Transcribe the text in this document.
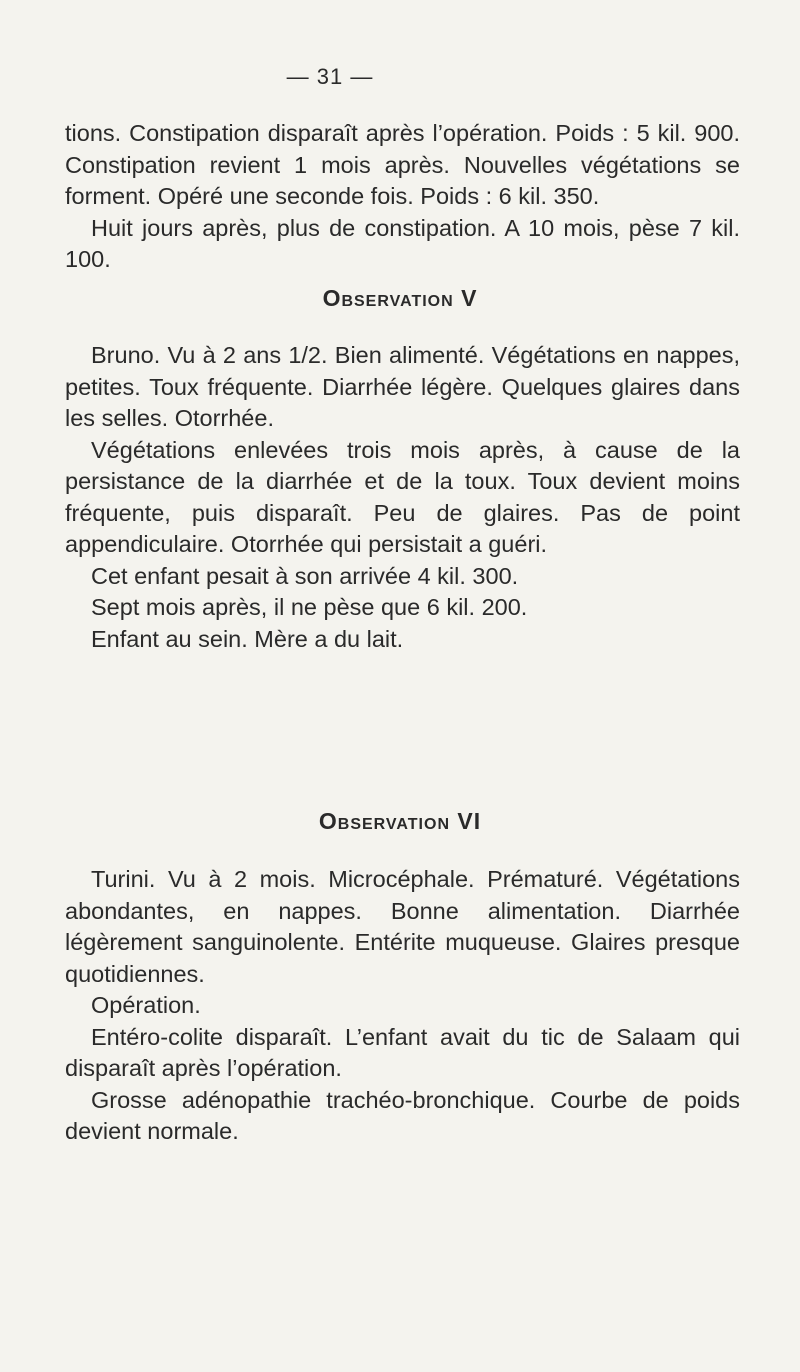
— 31 —

tions. Constipation disparaît après l’opération. Poids : 5 kil. 900. Constipation revient 1 mois après. Nouvelles végétations se forment. Opéré une seconde fois. Poids : 6 kil. 350.

Huit jours après, plus de constipation. A 10 mois, pèse 7 kil. 100.

Observation V

Bruno. Vu à 2 ans 1/2. Bien alimenté. Végétations en nappes, petites. Toux fréquente. Diarrhée légère. Quelques glaires dans les selles. Otorrhée.

Végétations enlevées trois mois après, à cause de la persistance de la diarrhée et de la toux. Toux devient moins fréquente, puis disparaît. Peu de glaires. Pas de point appendiculaire. Otorrhée qui persistait a guéri.

Cet enfant pesait à son arrivée 4 kil. 300.

Sept mois après, il ne pèse que 6 kil. 200.

Enfant au sein. Mère a du lait.

Observation VI

Turini. Vu à 2 mois. Microcéphale. Prématuré. Végétations abondantes, en nappes. Bonne alimentation. Diarrhée légèrement sanguinolente. Entérite muqueuse. Glaires presque quotidiennes.

Opération.

Entéro-colite disparaît. L’enfant avait du tic de Salaam qui disparaît après l’opération.

Grosse adénopathie trachéo-bronchique. Courbe de poids devient normale.
